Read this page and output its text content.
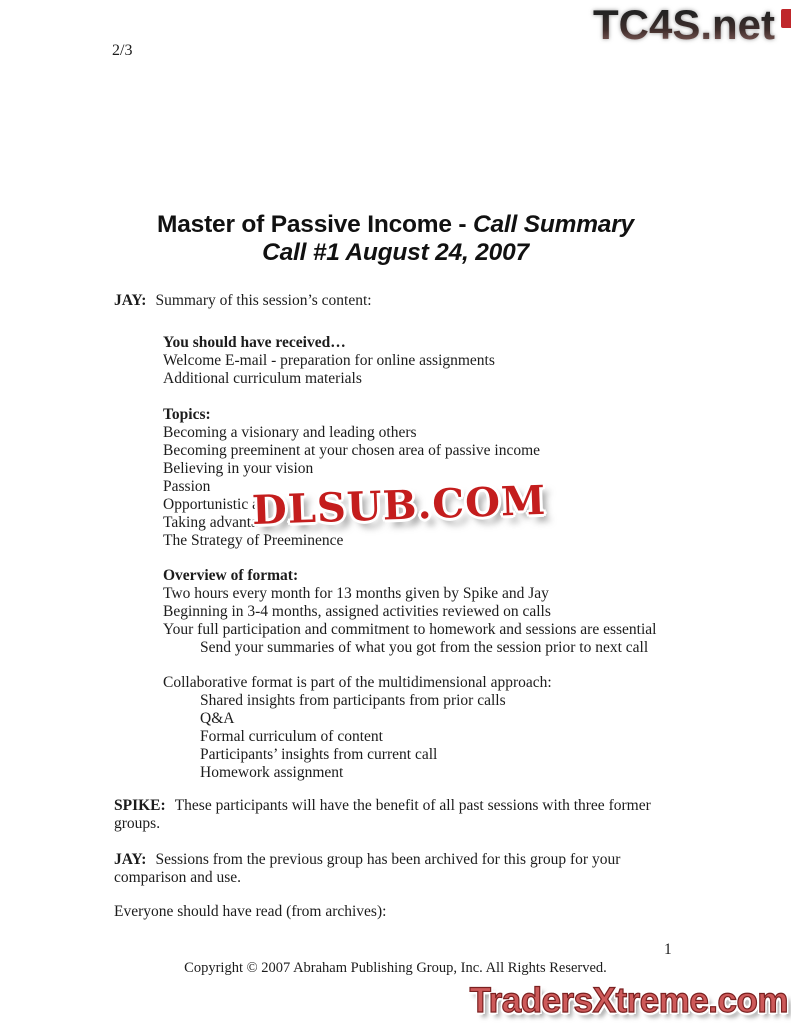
2/3
TC4S.net
Master of Passive Income - Call Summary
Call #1 August 24, 2007
JAY: Summary of this session’s content:
You should have received…
Welcome E-mail - preparation for online assignments
Additional curriculum materials
Topics:
Becoming a visionary and leading others
Becoming preeminent at your chosen area of passive income
Believing in your vision
Passion
Opportunistic a
Taking advanta
The Strategy of Preeminence
Overview of format:
Two hours every month for 13 months given by Spike and Jay
Beginning in 3-4 months, assigned activities reviewed on calls
Your full participation and commitment to homework and sessions are essential
Send your summaries of what you got from the session prior to next call
Collaborative format is part of the multidimensional approach:
Shared insights from participants from prior calls
Q&A
Formal curriculum of content
Participants’ insights from current call
Homework assignment
SPIKE: These participants will have the benefit of all past sessions with three former
groups.
JAY: Sessions from the previous group has been archived for this group for your
comparison and use.
Everyone should have read (from archives):
DLSUB.COM
1
Copyright © 2007 Abraham Publishing Group, Inc. All Rights Reserved.
TradersXtreme.com
